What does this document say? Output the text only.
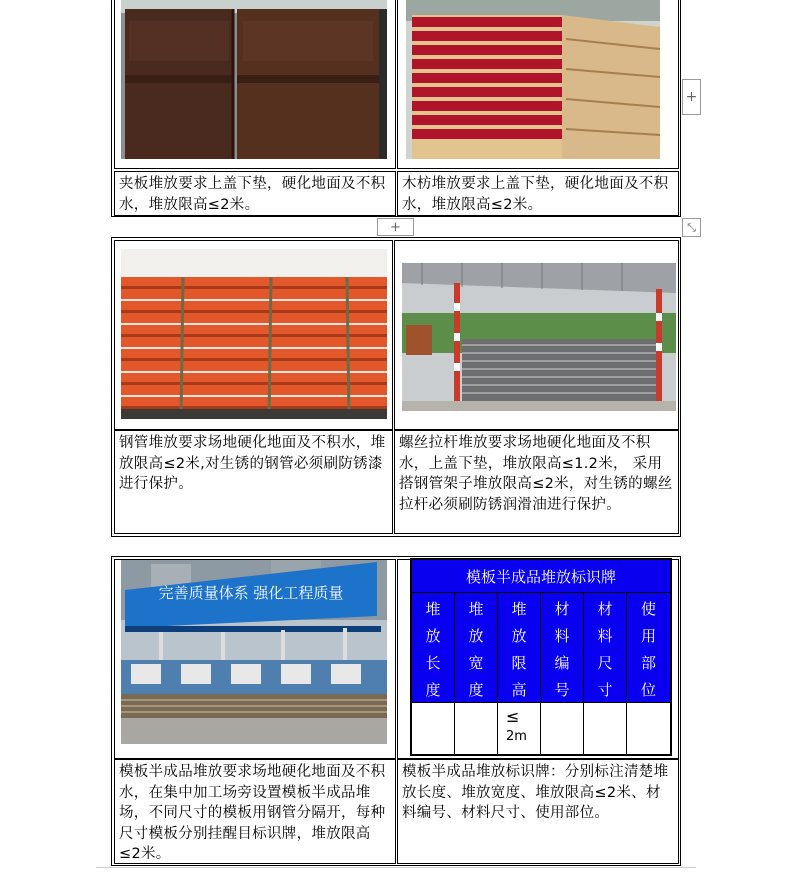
夹板堆放要求上盖下垫，硬化地面及不积水，堆放限高≤2米。
木枋堆放要求上盖下垫，硬化地面及不积水，堆放限高≤2米。
+
+	⤡
钢管堆放要求场地硬化地面及不积水，堆放限高≤2米,对生锈的钢管必须刷防锈漆进行保护。
螺丝拉杆堆放要求场地硬化地面及不积水，上盖下垫，堆放限高≤1.2米， 采用搭钢管架子堆放限高≤2米，对生锈的螺丝拉杆必须刷防锈润滑油进行保护。
完善质量体系 强化工程质量
模板半成品堆放标识牌
堆
放
长
度
堆
放
宽
度
堆
放
限
高
材
料
编
号
材
料
尺
寸
使
用
部
位
≤
2m
模板半成品堆放要求场地硬化地面及不积水，在集中加工场旁设置模板半成品堆场，不同尺寸的模板用钢管分隔开，每种尺寸模板分别挂醒目标识牌，堆放限高≤2米。
模板半成品堆放标识牌：分别标注清楚堆放长度、堆放宽度、堆放限高≤2米、材料编号、材料尺寸、使用部位。
